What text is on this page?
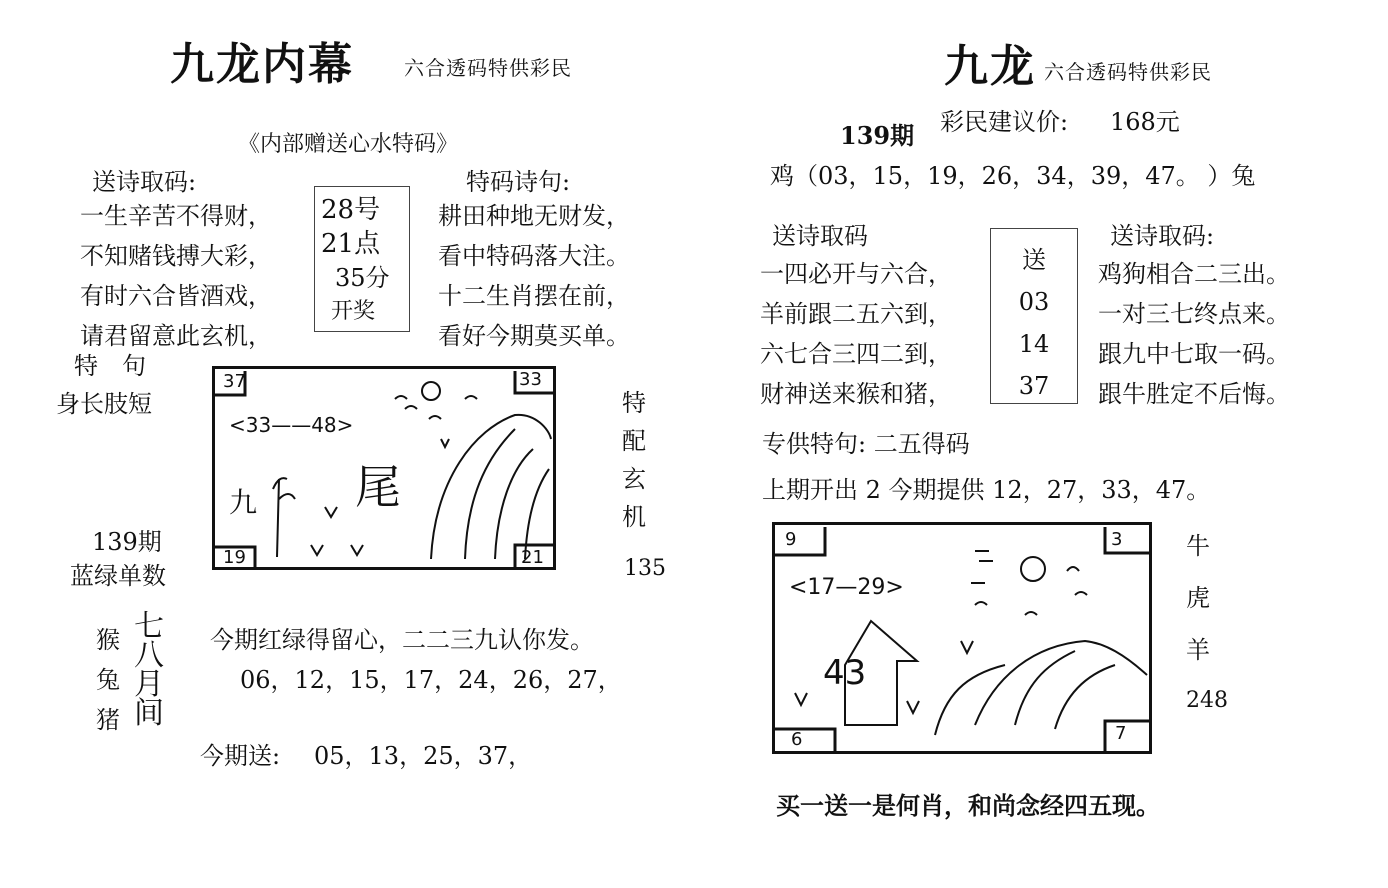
九龙内幕	六合透码特供彩民
《内部赠送心水特码》
送诗取码:
一生辛苦不得财，
不知赌钱搏大彩，
有时六合皆酒戏，
请君留意此玄机，
28号
21点
35分
开奖
特码诗句:
耕田种地无财发，
看中特码落大注。
十二生肖摆在前，
看好今期莫买单。
特　句
身长肢短
139期
蓝绿单数
37	33
19	21
<33——48>
九 尾
特
配
玄
机
135
猴
兔
猪
七
八
月
间
今期红绿得留心，二二三九认你发。
06，12，15，17，24，26，27，
今期送: 05，13，25，37，
九龙 六合透码特供彩民
139期 彩民建议价: 168元
鸡（03，15，19，26，34，39，47。 ）兔
送诗取码
一四必开与六合，
羊前跟二五六到，
六七合三四二到，
财神送来猴和猪，
送
03
14
37
送诗取码:
鸡狗相合二三出。
一对三七终点来。
跟九中七取一码。
跟牛胜定不后悔。
专供特句: 二五得码
上期开出 2 今期提供 12，27，33，47。
9	3
6	7
<17—29>
43
牛
虎
羊
248
买一送一是何肖，和尚念经四五现。
